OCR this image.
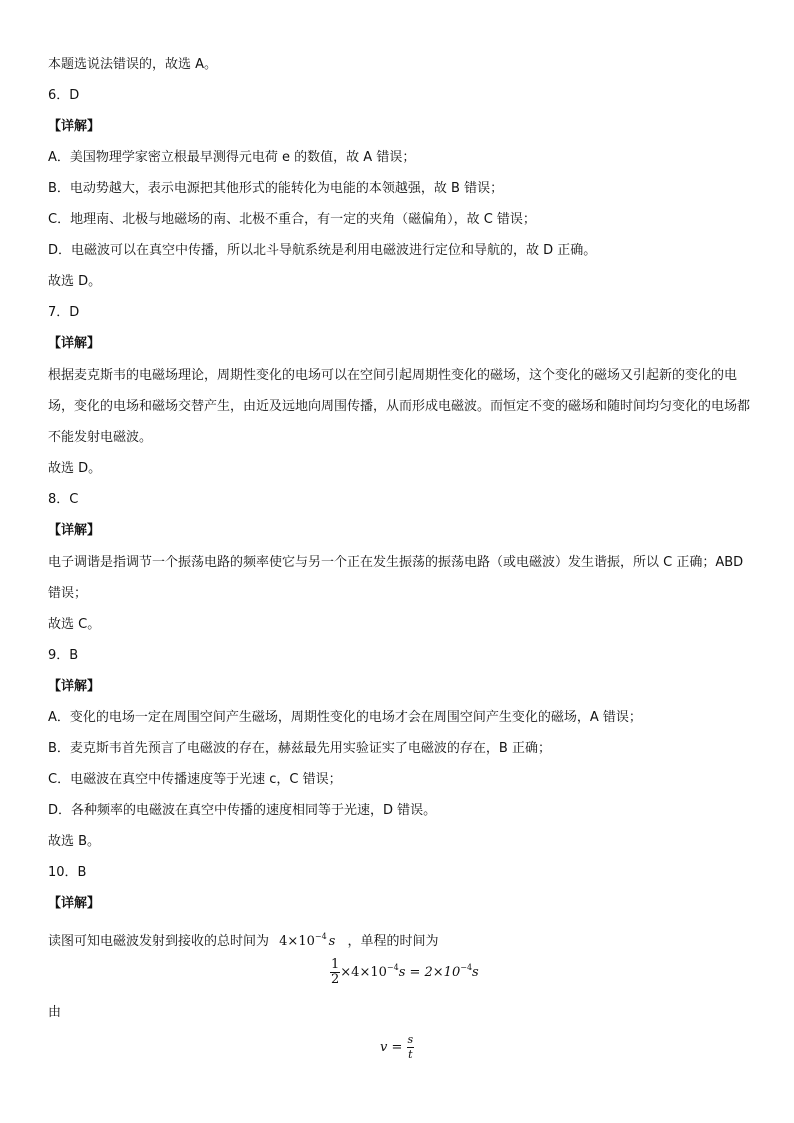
本题选说法错误的，故选 A。
6．D
【详解】
A．美国物理学家密立根最早测得元电荷 e 的数值，故 A 错误；
B．电动势越大，表示电源把其他形式的能转化为电能的本领越强，故 B 错误；
C．地理南、北极与地磁场的南、北极不重合，有一定的夹角（磁偏角），故 C 错误；
D．电磁波可以在真空中传播，所以北斗导航系统是利用电磁波进行定位和导航的，故 D 正确。
故选 D。
7．D
【详解】
根据麦克斯韦的电磁场理论，周期性变化的电场可以在空间引起周期性变化的磁场，这个变化的磁场又引起新的变化的电场，变化的电场和磁场交替产生，由近及远地向周围传播，从而形成电磁波。而恒定不变的磁场和随时间均匀变化的电场都不能发射电磁波。
故选 D。
8．C
【详解】
电子调谐是指调节一个振荡电路的频率使它与另一个正在发生振荡的振荡电路（或电磁波）发生谐振，所以 C 正确；ABD 错误；
故选 C。
9．B
【详解】
A．变化的电场一定在周围空间产生磁场，周期性变化的电场才会在周围空间产生变化的磁场，A 错误；
B．麦克斯韦首先预言了电磁波的存在，赫兹最先用实验证实了电磁波的存在，B 正确；
C．电磁波在真空中传播速度等于光速 c，C 错误；
D．各种频率的电磁波在真空中传播的速度相同等于光速，D 错误。
故选 B。
10．B
【详解】
读图可知电磁波发射到接收的总时间为 $4\times 10^{-4}$ s ，单程的时间为
$\frac{1}{2} \times 4\times 10^{-4}s = 2\times 10^{-4}s$
由
$v = \frac{s}{t}$
